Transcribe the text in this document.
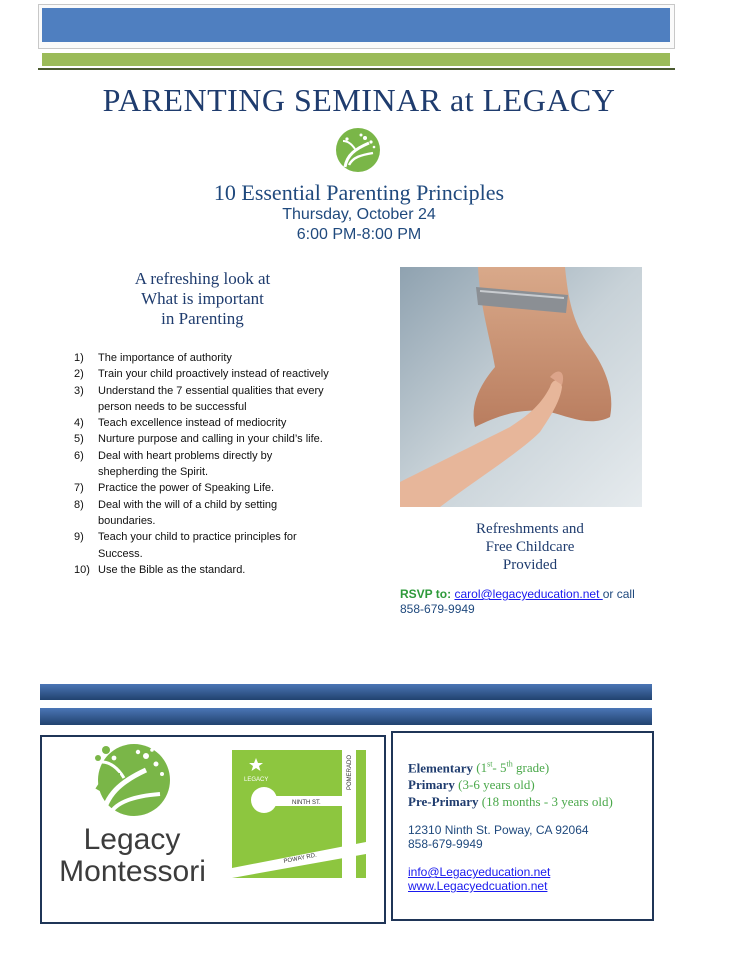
PARENTING SEMINAR at LEGACY
10 Essential Parenting Principles
Thursday, October 24
6:00 PM-8:00 PM
A refreshing look at
What is important
in Parenting
1)	The importance of authority
2)	Train your child proactively instead of reactively
3)	Understand the 7 essential qualities that every person needs to be successful
4)	Teach excellence instead of mediocrity
5)	Nurture purpose and calling in your child’s life.
6)	Deal with heart problems directly by shepherding the Spirit.
7)	Practice the power of Speaking Life.
8)	Deal with the will of a child by setting boundaries.
9)	Teach your child to practice principles for Success.
10) Use the Bible as the standard.
Refreshments and
Free Childcare
Provided
RSVP to: carol@legacyeducation.net or call
858-679-9949
Legacy
Montessori
LEGACY
NINTH ST.
POMERADO
POWAY RD.
Elementary (1st- 5th grade)
Primary (3-6 years old)
Pre-Primary (18 months - 3 years old)
12310 Ninth St. Poway, CA 92064
858-679-9949
info@Legacyeducation.net
www.Legacyedcuation.net
